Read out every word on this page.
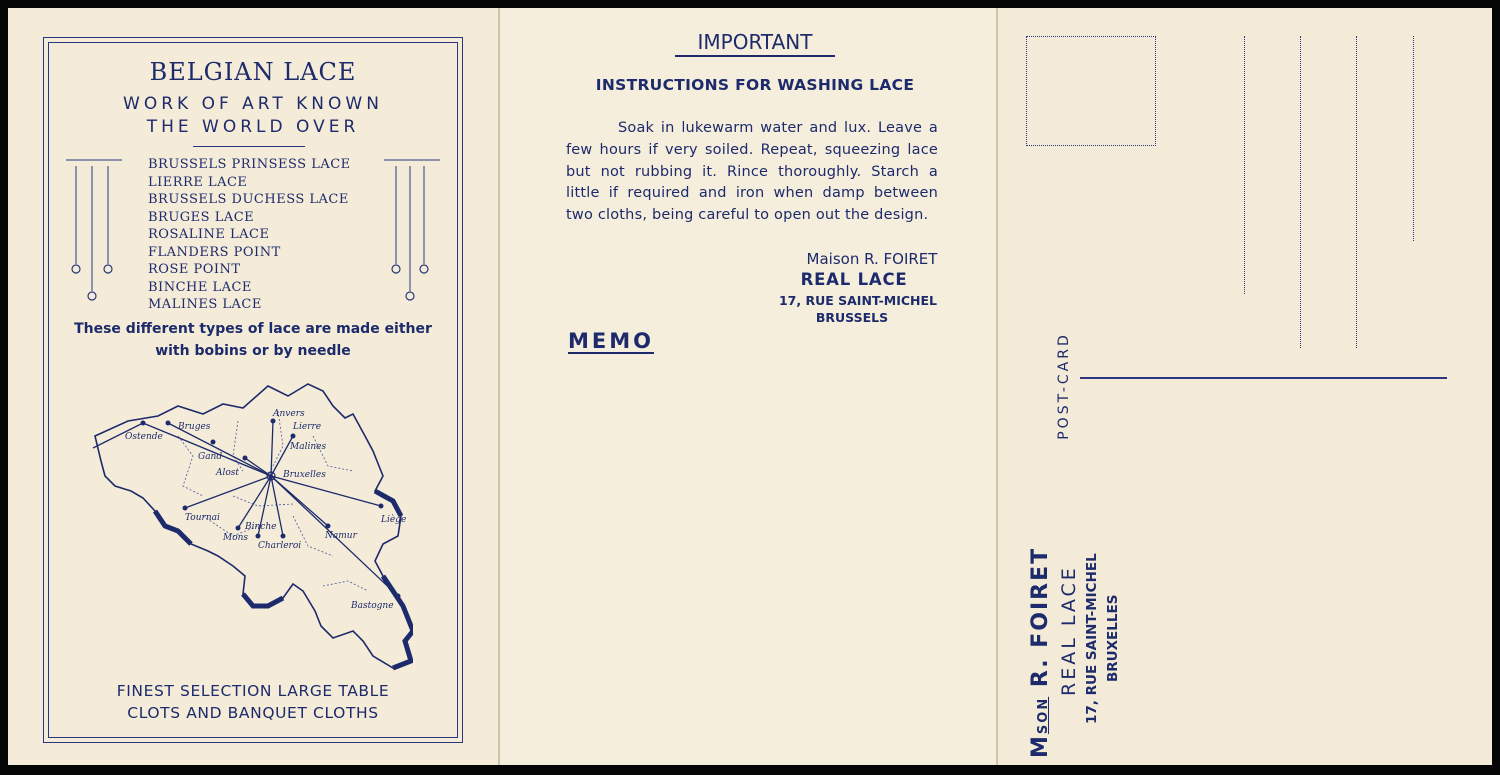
BELGIAN LACE
WORK OF ART KNOWN
THE WORLD OVER
BRUSSELS PRINSESS LACE
LIERRE LACE
BRUSSELS DUCHESS LACE
BRUGES LACE
ROSALINE LACE
FLANDERS POINT
ROSE POINT
BINCHE LACE
MALINES LACE
These different types of lace are made either
with bobins or by needle
Bruges
Ostende
Anvers
Lierre
Malines
Gand
Alost	Bruxelles
Tournai
Binche
Mons
Charleroi
Namur
Liège
Bastogne
FINEST SELECTION LARGE TABLE
CLOTS AND BANQUET CLOTHS
IMPORTANT
INSTRUCTIONS FOR WASHING LACE
Soak in lukewarm water and lux. Leave a few hours if very soiled. Repeat, squeezing lace but not rubbing it. Rince thoroughly. Starch a little if required and iron when damp between two cloths, being careful to open out the design.
Maison R. FOIRET
REAL LACE
17, RUE SAINT-MICHEL
BRUSSELS
MEMO	POST-CARD
MSON R. FOIRET REAL LACE 17, RUE SAINT-MICHEL BRUXELLES
